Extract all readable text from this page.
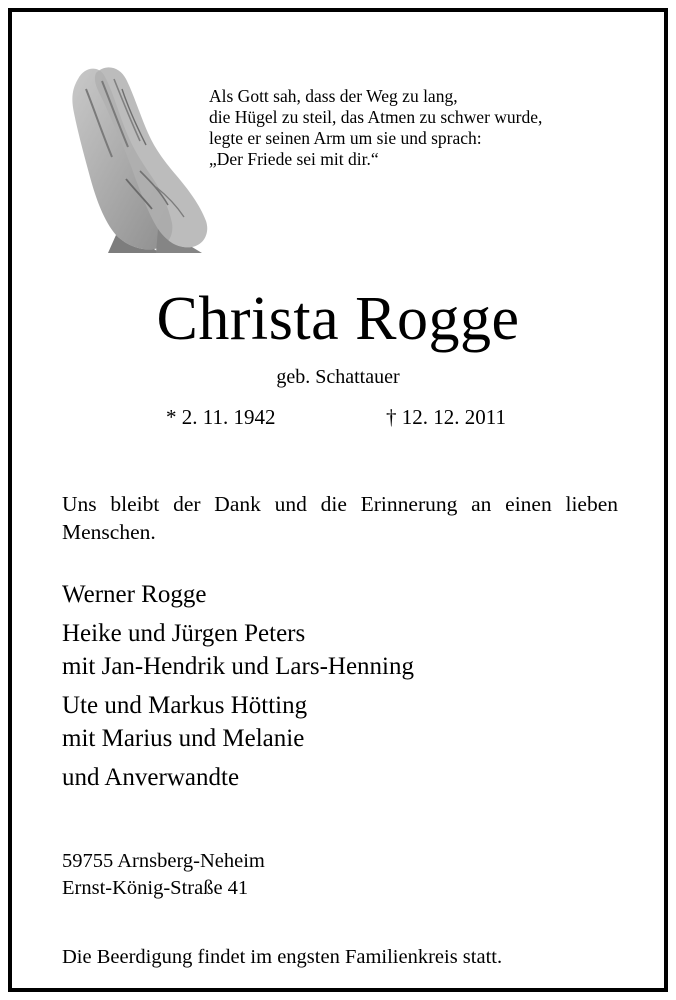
Als Gott sah, dass der Weg zu lang,
die Hügel zu steil, das Atmen zu schwer wurde,
legte er seinen Arm um sie und sprach:
„Der Friede sei mit dir.“
Christa Rogge
geb. Schattauer
* 2. 11. 1942	† 12. 12. 2011
Uns bleibt der Dank und die Erinnerung an einen lieben Menschen.
Werner Rogge
Heike und Jürgen Peters
mit Jan-Hendrik und Lars-Henning
Ute und Markus Hötting
mit Marius und Melanie
und Anverwandte
59755 Arnsberg-Neheim
Ernst-König-Straße 41
Die Beerdigung findet im engsten Familienkreis statt.
